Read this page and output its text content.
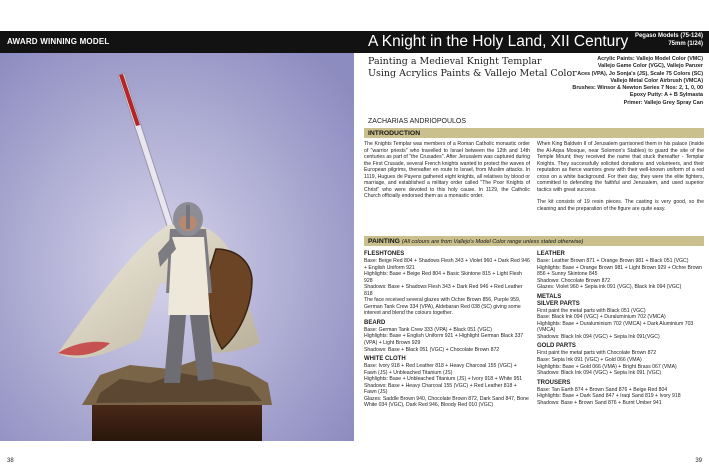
AWARD WINNING MODEL	A Knight in the Holy Land, XII Century Pegaso Models (75-124)
75mm (1/24)
38	39
Painting a Medieval Knight Templar
Using Acrylics Paints & Vallejo Metal Color
Acrylic Paints: Vallejo Model Color (VMC)
Vallejo Game Color (VGC), Vallejo Panzer
Aces (VPA), Jo Sonja's (JS), Scale 75 Colors (SC)
Vallejo Metal Color Airbrush (VMCA)
Brushes: Winsor & Newton Series 7 Nos: 2, 1, 0, 00
Epoxy Putty: A + B Sylmasta
Primer: Vallejo Grey Spray Can
ZACHARIAS ANDRIOPOULOS
INTRODUCTION

The Knights Templar was members of a Roman Catholic monastic order of "warrior priests" who travelled to Israel between the 12th and 14th centuries as part of "the Crusades". After Jerusalem was captured during the First Crusade, several French knights wanted to protect the waves of European pilgrims, thereafter en route to Israel, from Muslim attacks. In 1119, Hugues de Payens gathered eight knights, all relatives by blood or marriage, and established a military order called "The Poor Knights of Christ" who were devoted to this holy cause. In 1129, the Catholic Church officially endorsed them as a monastic order.

When King Baldwin II of Jerusalem garrisoned them in his palace (inside the Al-Aqsa Mosque, near Solomon's Stables) to guard the site of the Temple Mount; they received the name that stuck thereafter - Templar Knights. They successfully solicited donations and volunteers, and their reputation as fierce warriors grew with their well-known uniform of a red cross on a white background. For their day, they were the elite fighters, committed to defending the faithful and Jerusalem, and used superior tactics with great success.

The kit consists of 19 resin pieces. The casting is very good, so the cleaning and the preparation of the figure are quite easy.

PAINTING (All colours are from Vallejo's Model Color range unless stated otherwise)
FLESHTONES
Base: Beige Red 804 + Shadows Flesh 343 + Violet 960 + Dark Red 946 + English Uniform 921
Highlights: Base + Beige Red 804 + Basic Skintone 815 + Light Flesh 928
Shadows: Base + Shadows Flesh 343 + Dark Red 946 + Red Leather 818
The face received several glazes with Ochre Brown 856, Purple 959, German Tank Crew 334 (VPA), Aldebaran Red 038 (SC) giving some interest and blend the colours together.
BEARD
Base: German Tank Crew 333 (VPA) + Black 051 (VGC)
Highlights: Base + English Uniform 921 + Highlight German Black 337 (VPA) + Light Brown 929
Shadows: Base + Black 051 (VGC) + Chocolate Brown 872
WHITE CLOTH
Base: Ivory 918 + Red Leather 818 + Heavy Charcoal 155 (VGC) + Fawn (JS) + Unbleached Titanium (JS)
Highlights: Base + Unbleached Titanium (JS) + Ivory 918 + White 951
Shadows: Base + Heavy Charcoal 155 (VGC) + Red Leather 818 + Fawn (JS)
Glazes: Saddle Brown 940, Chocolate Brown 872, Dark Sand 847, Bone White 034 (VGC), Dark Red 946, Bloody Red 010 (VGC)
LEATHER
Base: Leather Brown 871 + Orange Brown 981 + Black 051 (VGC)
Highlights: Base + Orange Brown 981 + Light Brown 929 + Ochre Brown 856 + Sunny Skintone 845
Shadows: Chocolate Brown 872
Glazes: Violet 960 + Sepia ink 091 (VGC), Black Ink 094 (VGC)
METALS
SILVER PARTS
First paint the metal parts with Black 051 (VGC)
Base: Black Ink 094 (VGC) + Duraluminium 702 (VMCA)
Highlights: Base + Duraluminium 702 (VMCA) + Dark Aluminium 703 (VMCA)
Shadows: Black Ink 094 (VGC) + Sepia Ink 091(VGC)
GOLD PARTS
First paint the metal parts with Chocolate Brown 872
Base: Sepia Ink 091 (VGC) + Gold 066 (VMA)
Highlights: Base + Gold 066 (VMA) + Bright Brass 067 (VMA)
Shadows: Black Ink 094 (VGC) + Sepia Ink 091 (VGC)
TROUSERS
Base: Tan Earth 874 + Brown Sand 876 + Beige Red 804
Highlights: Base + Dark Sand 847 + Iraqi Sand 819 + Ivory 918
Shadows: Base + Brown Sand 876 + Burnt Umber 941
